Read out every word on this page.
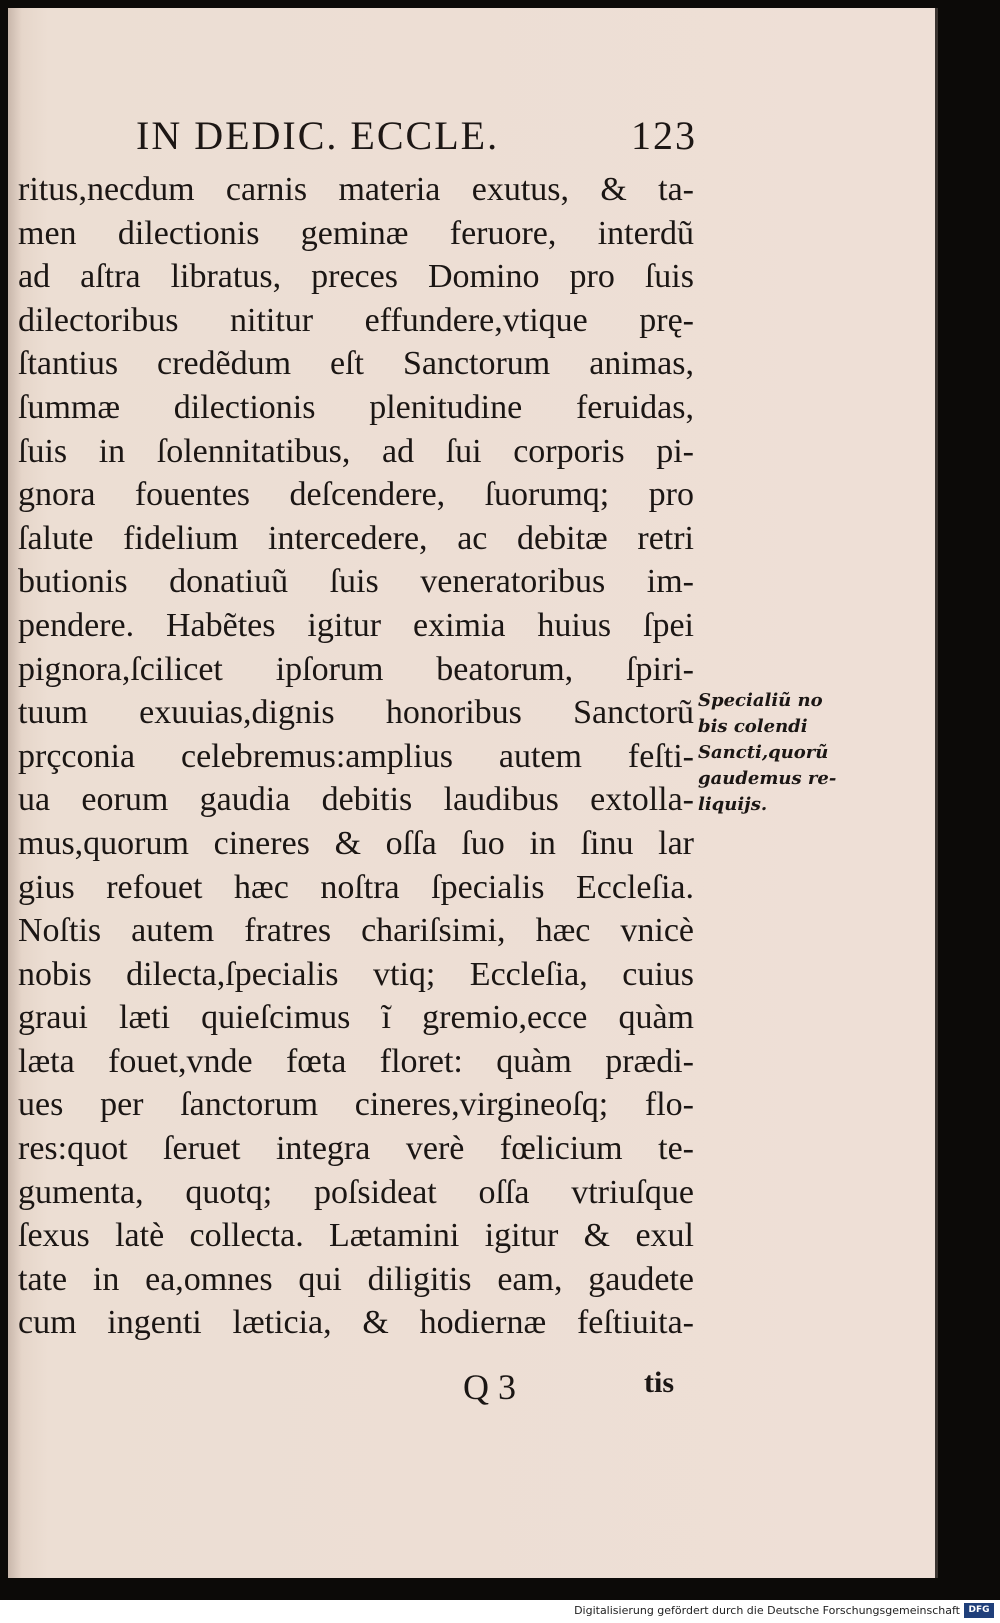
IN DEDIC. ECCLE.	123
ritus,necdum carnis materia exutus, & ta-
men dilectionis geminæ feruore, interdũ
ad aſtra libratus, preces Domino pro ſuis
dilectoribus nititur effundere,vtique prę-
ſtantius credẽdum eſt Sanctorum animas,
ſummæ dilectionis plenitudine feruidas,
ſuis in ſolennitatibus, ad ſui corporis pi-
gnora fouentes deſcendere, ſuorumq; pro
ſalute fidelium intercedere, ac debitæ retri
butionis donatiuũ ſuis veneratoribus im-
pendere. Habẽtes igitur eximia huius ſpei
pignora,ſcilicet ipſorum beatorum, ſpiri-
tuum exuuias,dignis honoribus Sanctorũ
prçconia celebremus:amplius autem feſti-
ua eorum gaudia debitis laudibus extolla-
mus,quorum cineres & oſſa ſuo in ſinu lar
gius refouet hæc noſtra ſpecialis Eccleſia.
Noſtis autem fratres chariſsimi, hæc vnicè
nobis dilecta,ſpecialis vtiq; Eccleſia, cuius
graui læti quieſcimus ĩ gremio,ecce quàm
læta fouet,vnde fœta floret: quàm prædi-
ues per ſanctorum cineres,virgineoſq; flo-
res:quot ſeruet integra verè fœlicium te-
gumenta, quotq; poſsideat oſſa vtriuſque
ſexus latè collecta. Lætamini igitur & exul
tate in ea,omnes qui diligitis eam, gaudete
cum ingenti læticia, & hodiernæ feſtiuita-
Specialiũ no
bis colendi
Sancti,quorũ
gaudemus re-
liquijs.
Q 3	tis
Digitalisierung gefördert durch die Deutsche Forschungsgemeinschaft DFG
